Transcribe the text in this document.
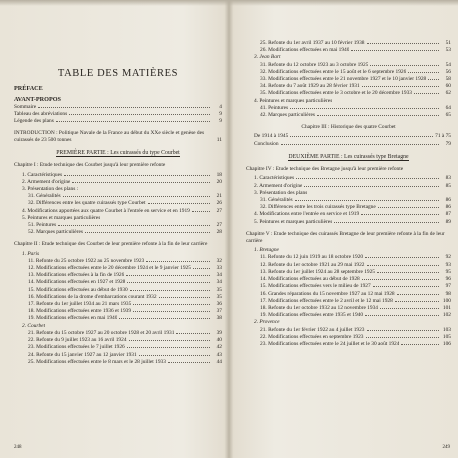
TABLE DES MATIÈRES
PRÉFACE
AVANT-PROPOS
Sommaire	4
Tableau des abréviations	9
Légende des plans	9
INTRODUCTION : Politique Navale de la France au début du XXe siècle et genèse des cuirassés de 23 500 tonnes	11
PREMIÈRE PARTIE : Les cuirassés du type Courbet
Chapitre I : Etude technique des Courbet jusqu'à leur première refonte
1. Caractéristiques	18
2. Armement d'origine	20
3. Présentation des plans :
31. Généralités	21
32. Différences entre les quatre cuirassés type Courbet	26
4. Modifications apportées aux quatre Courbet à l'entrée en service et en 1919	27
5. Peintures et marques particulières
51. Peintures	27
52. Marques particulières	28
Chapitre II : Etude technique des Courbet de leur première refonte à la fin de leur carrière
1. Paris
11. Refonte du 25 octobre 1922 au 25 novembre 1923	32
12. Modifications effectuées entre le 20 décembre 1924 et le 9 janvier 1925	33
13. Modifications effectuées à la fin de 1926	34
14. Modifications effectuées en 1927 et 1928	34
15. Modifications effectuées au début de 1930	35
16. Modifications de la drome d'embarcations courant 1932	35
17. Refonte du 1er juillet 1934 au 21 mars 1935	36
18. Modifications effectuées entre 1936 et 1939	37
19. Modifications effectuées en mai 1940	38
2. Courbet
21. Refonte du 15 octobre 1927 au 20 octobre 1928 et 20 avril 1931	39
22. Refonte du 9 juillet 1923 au 16 avril 1924	40
23. Modifications effectuées le 7 juillet 1926	42
24. Refonte du 15 janvier 1927 au 12 janvier 1931	43
25. Modifications effectuées entre le 8 mars et le 28 juillet 1933	44
248
25. Refonte du 1er avril 1937 au 10 février 1938	51
26. Modifications effectuées en mai 1940	53
3. Jean Bart
31. Refonte du 12 octobre 1923 au 3 octobre 1925	54
32. Modifications effectuées entre le 15 août et le 6 septembre 1926	56
33. Modifications effectuées entre le 21 novembre 1927 et le 10 janvier 1928	58
34. Refonte du 7 août 1929 au 28 février 1931	60
35. Modifications effectuées entre le 3 octobre et le 20 décembre 1933	62
4. Peintures et marques particulières
41. Peintures	64
42. Marques particulières	65
Chapitre III : Historique des quatre Courbet
De 1914 à 1945	71 à 75
Conclusion	79
DEUXIÈME PARTIE : Les cuirassés type Bretagne
Chapitre IV : Etude technique des Bretagne jusqu'à leur première refonte
1. Caractéristiques	83
2. Armement d'origine	85
3. Présentation des plans
31. Généralités	86
32. Différences entre les trois cuirassés type Bretagne	86
4. Modifications entre l'entrée en service et 1919	87
5. Peintures et marques particulières	89
Chapitre V : Etude technique des cuirassés Bretagne de leur première refonte à la fin de leur carrière
1. Bretagne
11. Refonte du 12 juin 1919 au 18 octobre 1920	92
12. Refonte du 1er octobre 1921 au 29 mai 1922	93
13. Refonte du 1er juillet 1924 au 28 septembre 1925	95
14. Modifications effectuées au début de 1928	96
15. Modifications effectuées vers le milieu de 1927	97
16. Grandes réparations du 15 novembre 1927 au 12 mai 1928	98
17. Modifications effectuées entre le 2 avril et le 12 mai 1928	100
18. Refonte du 1er octobre 1932 au 12 novembre 1934	101
19. Modifications effectuées entre 1935 et 1940	102
2. Provence
21. Refonte du 1er février 1922 au 4 juillet 1923	103
22. Modifications effectuées en septembre 1923	105
23. Modifications effectuées entre le 24 juillet et le 30 août 1924	106
249
